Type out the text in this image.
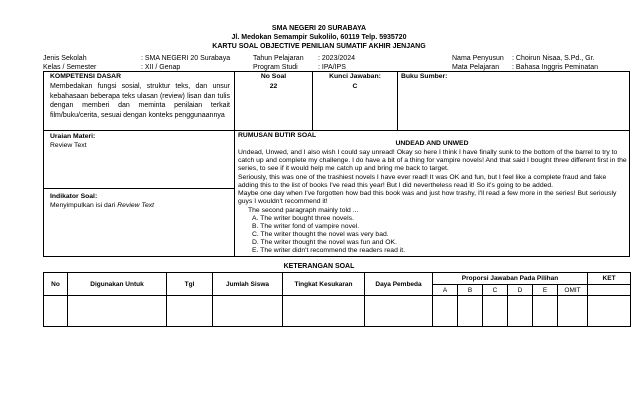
SMA NEGERI 20 SURABAYA
Jl. Medokan Semampir Sukolilo, 60119 Telp. 5935720
KARTU SOAL OBJECTIVE PENILIAN SUMATIF AKHIR JENJANG
Jenis Sekolah	: SMA NEGERI 20 Surabaya	Tahun Pelajaran : 2023/2024	Nama Penyusun : Choirun Nisaa, S.Pd., Gr.
Kelas / Semester	: XII / Genap	Program Studi	: IPA/IPS	Mata Pelajaran : Bahasa Inggris Peminatan
KOMPETENSI DASAR
Membedakan fungsi sosial, struktur teks, dan unsur kebahasaan beberapa teks ulasan (review) lisan dan tulis dengan memberi dan meminta penilaian terkait film/buku/cerita, sesuai dengan konteks penggunaannya
No Soal
22
Kunci Jawaban:
C
Buku Sumber:
Uraian Materi:
Review Text
Indikator Soal:
Menyimpulkan isi dari Review Text
RUMUSAN BUTIR SOAL
UNDEAD AND UNWED
Undead, Unwed, and I also wish I could say unread! Okay so here I think I have finally sunk to the bottom of the barrel to try to catch up and complete my challenge. I do have a bit of a thing for vampire novels! And that said I bought three different first in the series, to see if it would help me catch up and bring me back to target.
Seriously, this was one of the trashiest novels I have ever read! It was OK and fun, but I feel like a complete fraud and fake adding this to the list of books I've read this year! But I did nevertheless read it! So it's going to be added.
Maybe one day when I've forgotten how bad this book was and just how trashy, I'll read a few more in the series! But seriously guys I wouldn't recommend it!
The second paragraph mainly told ...
A. The writer bought three novels.
B. The writer fond of vampire novel.
C. The writer thought the novel was very bad.
D. The writer thought the novel was fun and OK.
E. The writer didn't recommend the readers read it.
KETERANGAN SOAL
No	Digunakan Untuk	Tgl	Jumlah Siswa	Tingkat Kesukaran	Daya Pembeda	Proporsi Jawaban Pada Pilihan						KET
						A	B	C	D	E	OMIT	
